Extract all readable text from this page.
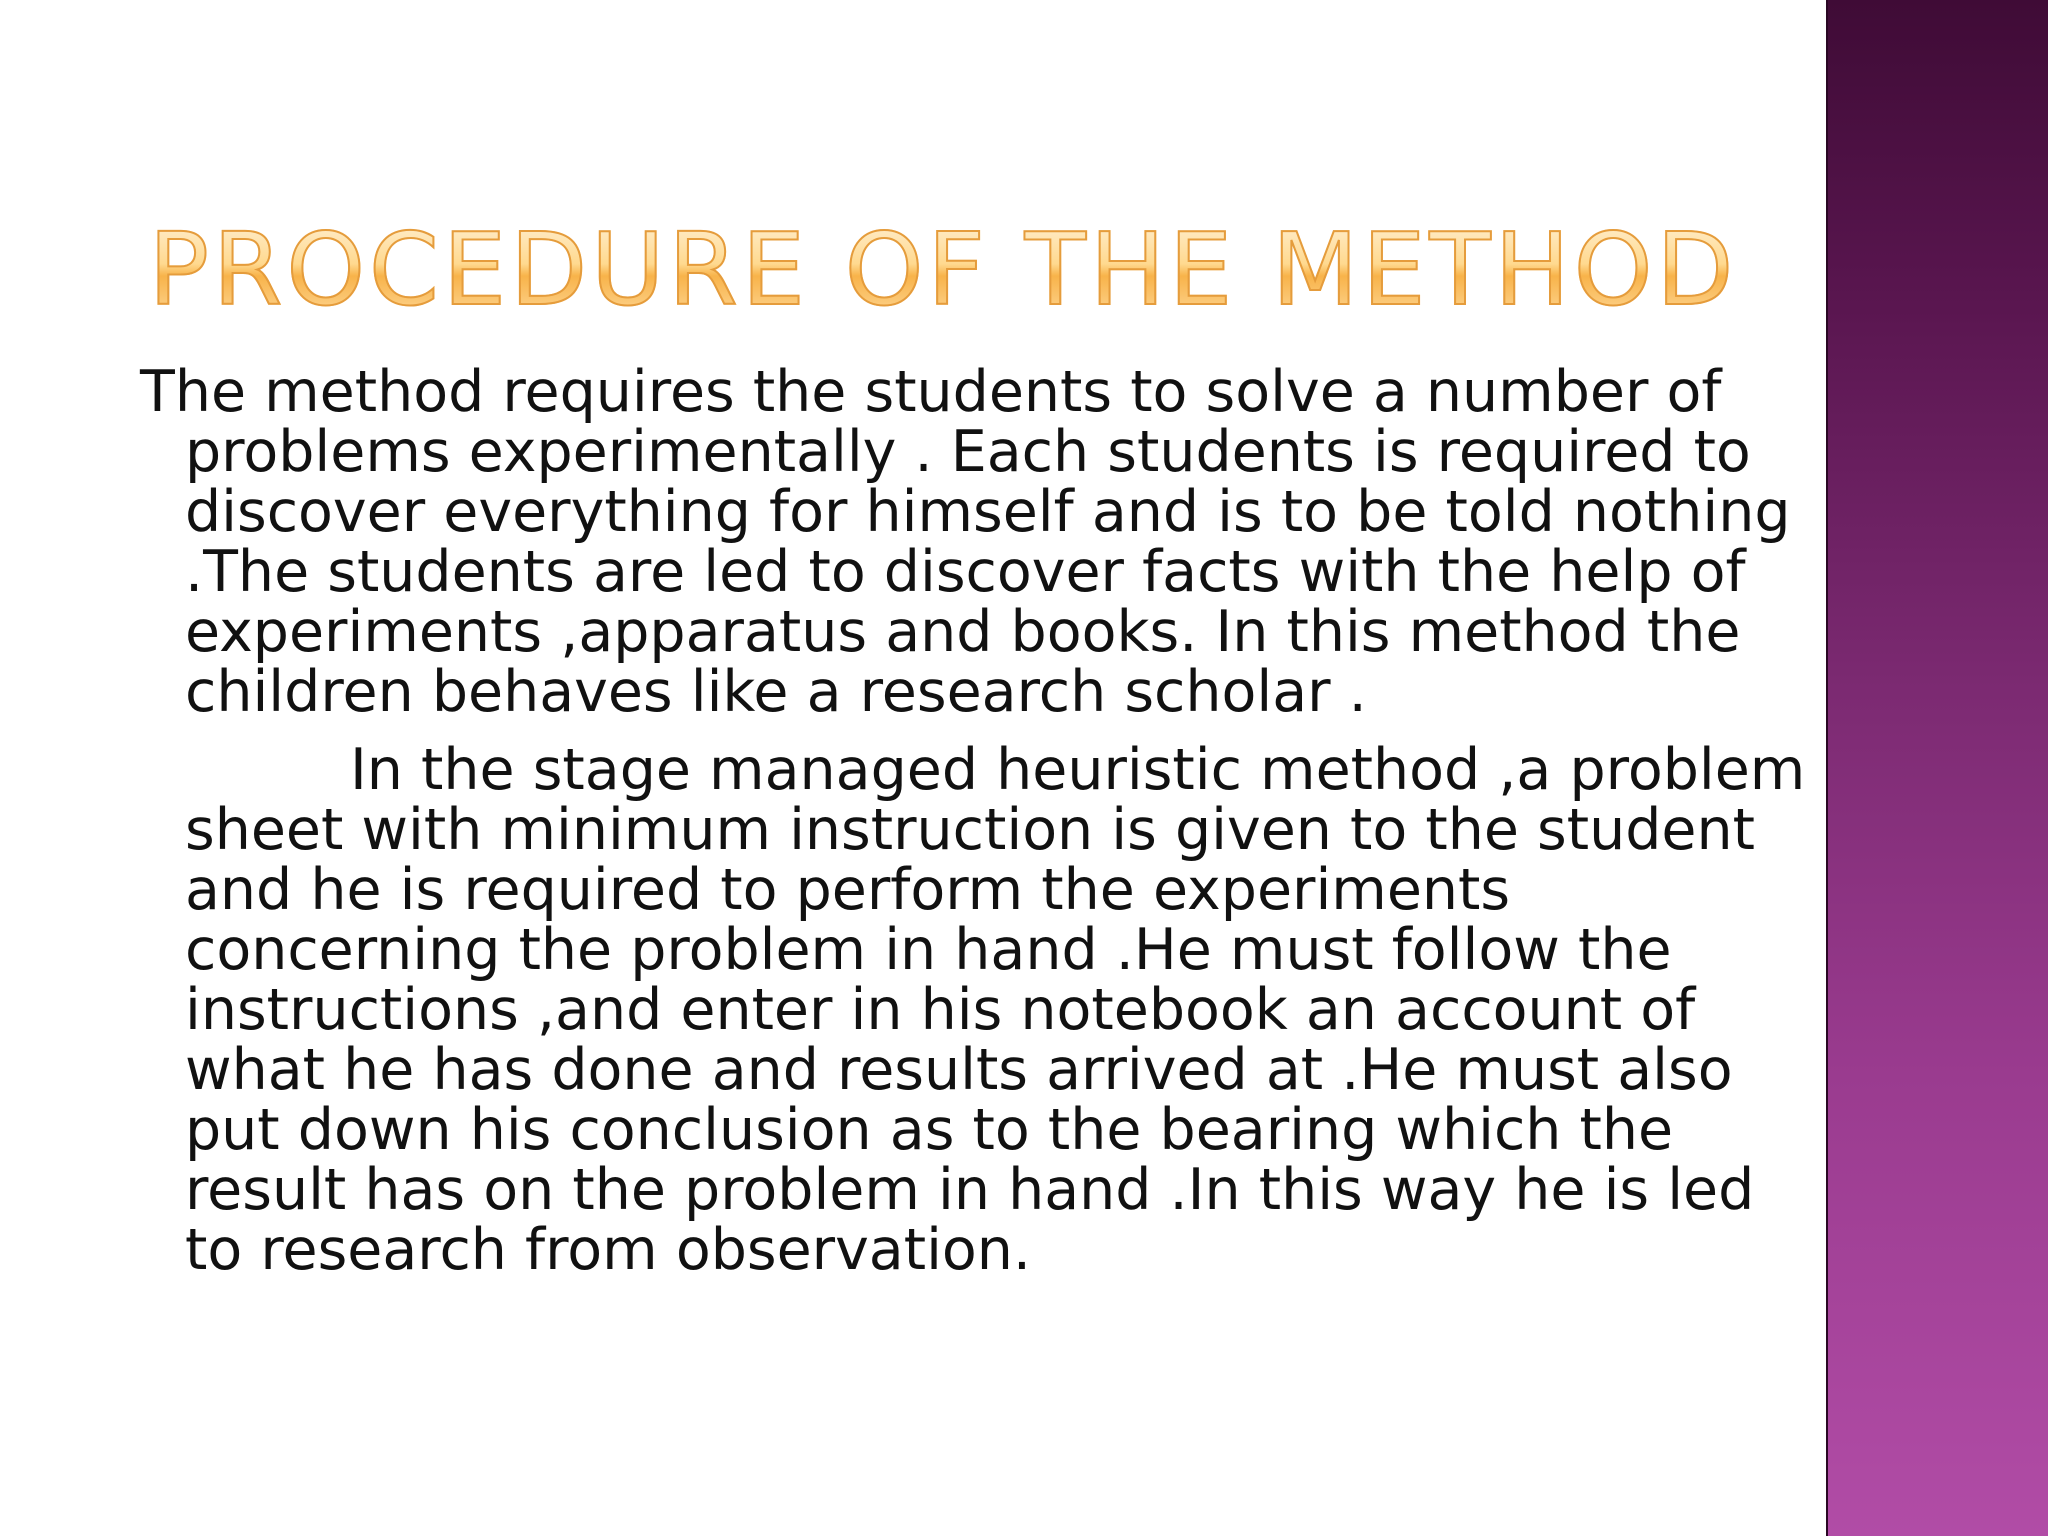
PROCEDURE OF THE METHOD

The method requires the students to solve a number of problems experimentally . Each students is required to discover everything for himself and is to be told nothing .The students are led to discover facts with the help of experiments ,apparatus and books. In this method the children behaves like a research scholar .

In the stage managed heuristic method ,a problem sheet with minimum instruction is given to the student and he is required to perform the experiments concerning the problem in hand .He must follow the instructions ,and enter in his notebook an account of what he has done and results arrived at .He must also put down his conclusion as to the bearing which the result has on the problem in hand .In this way he is led to research from observation.
